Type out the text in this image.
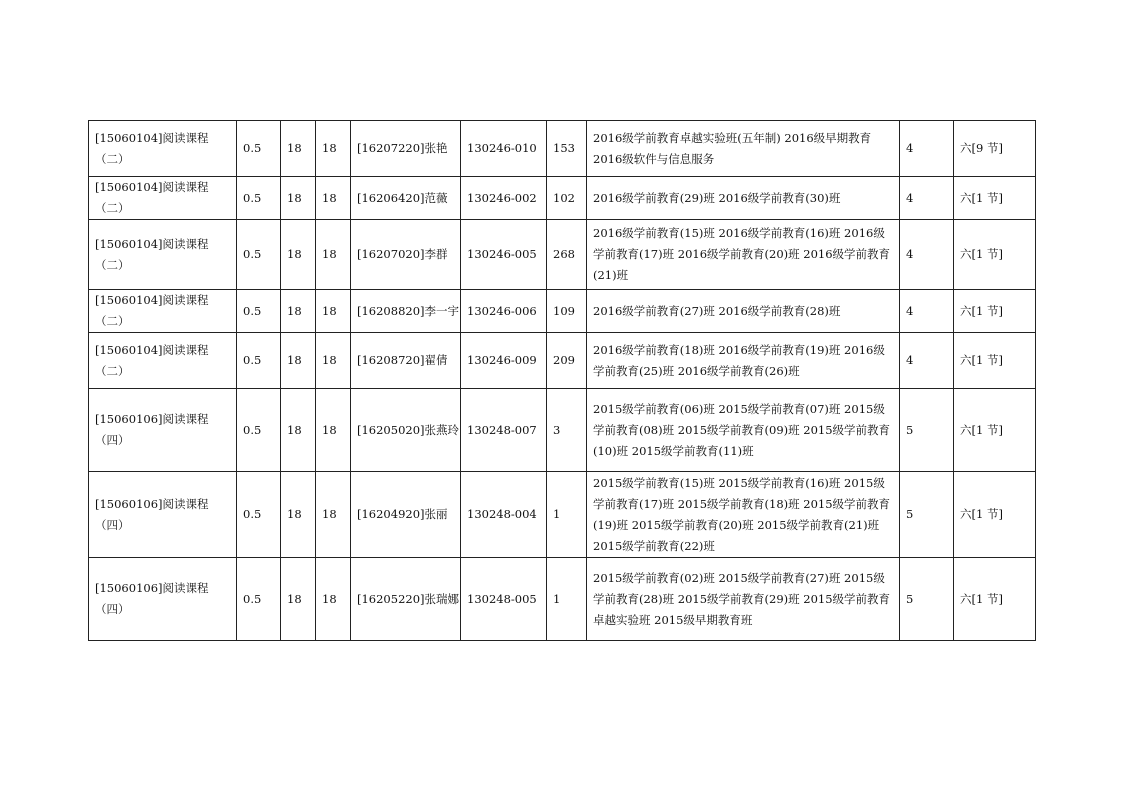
[15060104]阅读课程（二）	0.5	18	18	[16207220]张艳	130246-010	153	2016级学前教育卓越实验班(五年制) 2016级早期教育 2016级软件与信息服务	4	六[9 节]
[15060104]阅读课程（二）	0.5	18	18	[16206420]范薇	130246-002	102	2016级学前教育(29)班 2016级学前教育(30)班	4	六[1 节]
[15060104]阅读课程（二）	0.5	18	18	[16207020]李群	130246-005	268	2016级学前教育(15)班 2016级学前教育(16)班 2016级学前教育(17)班 2016级学前教育(20)班 2016级学前教育(21)班	4	六[1 节]
[15060104]阅读课程（二）	0.5	18	18	[16208820]李一宇	130246-006	109	2016级学前教育(27)班 2016级学前教育(28)班	4	六[1 节]
[15060104]阅读课程（二）	0.5	18	18	[16208720]翟倩	130246-009	209	2016级学前教育(18)班 2016级学前教育(19)班 2016级学前教育(25)班 2016级学前教育(26)班	4	六[1 节]
[15060106]阅读课程（四）	0.5	18	18	[16205020]张燕玲	130248-007	3	2015级学前教育(06)班 2015级学前教育(07)班 2015级学前教育(08)班 2015级学前教育(09)班 2015级学前教育(10)班 2015级学前教育(11)班	5	六[1 节]
[15060106]阅读课程（四）	0.5	18	18	[16204920]张丽	130248-004	1	2015级学前教育(15)班 2015级学前教育(16)班 2015级学前教育(17)班 2015级学前教育(18)班 2015级学前教育(19)班 2015级学前教育(20)班 2015级学前教育(21)班 2015级学前教育(22)班	5	六[1 节]
[15060106]阅读课程（四）	0.5	18	18	[16205220]张瑞娜	130248-005	1	2015级学前教育(02)班 2015级学前教育(27)班 2015级学前教育(28)班 2015级学前教育(29)班 2015级学前教育卓越实验班 2015级早期教育班	5	六[1 节]
